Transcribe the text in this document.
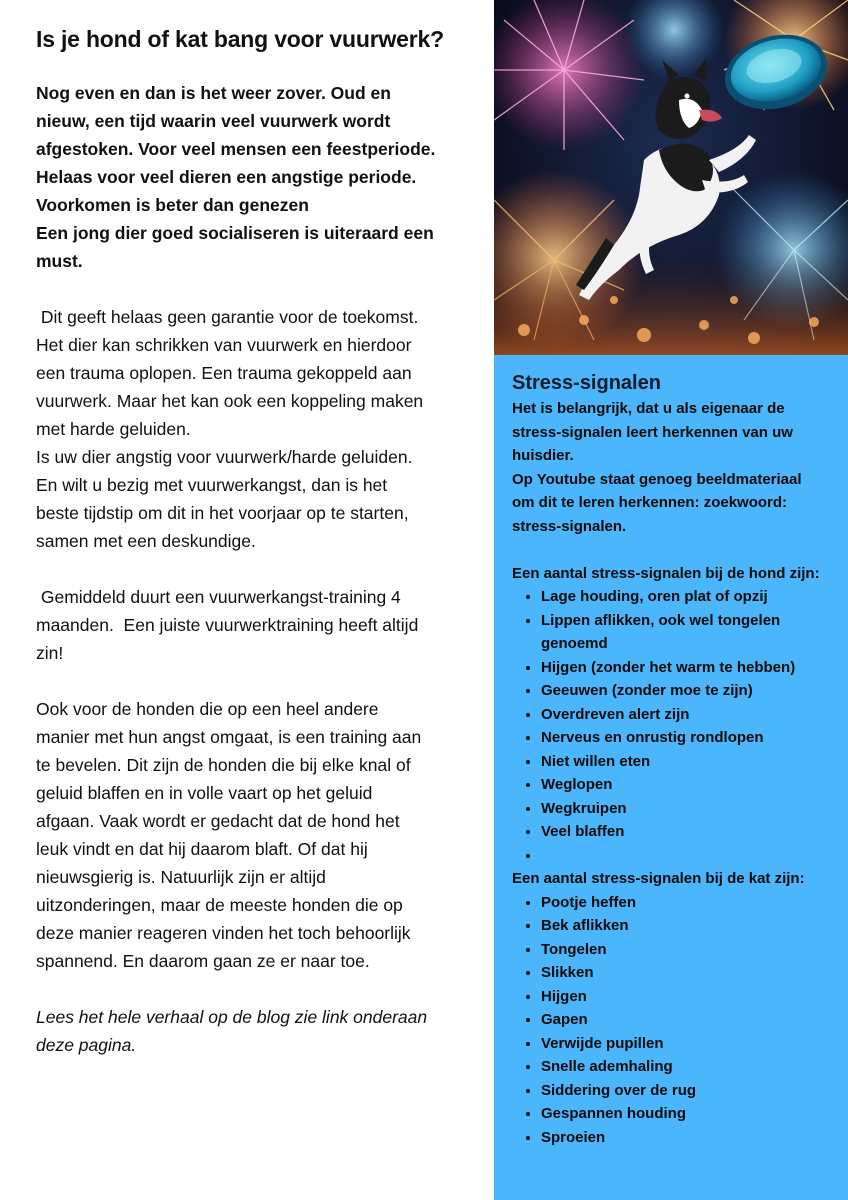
Is je hond of kat bang voor vuurwerk?
Nog even en dan is het weer zover. Oud en
nieuw, een tijd waarin veel vuurwerk wordt
afgestoken. Voor veel mensen een feestperiode.
Helaas voor veel dieren een angstige periode.
Voorkomen is beter dan genezen
Een jong dier goed socialiseren is uiteraard een
must.
Dit geeft helaas geen garantie voor de toekomst.
Het dier kan schrikken van vuurwerk en hierdoor
een trauma oplopen. Een trauma gekoppeld aan
vuurwerk. Maar het kan ook een koppeling maken
met harde geluiden.
Is uw dier angstig voor vuurwerk/harde geluiden.
En wilt u bezig met vuurwerkangst, dan is het
beste tijdstip om dit in het voorjaar op te starten,
samen met een deskundige.
Gemiddeld duurt een vuurwerkangst-training 4
maanden.  Een juiste vuurwerktraining heeft altijd
zin!
Ook voor de honden die op een heel andere
manier met hun angst omgaat, is een training aan
te bevelen. Dit zijn de honden die bij elke knal of
geluid blaffen en in volle vaart op het geluid
afgaan. Vaak wordt er gedacht dat de hond het
leuk vindt en dat hij daarom blaft. Of dat hij
nieuwsgierig is. Natuurlijk zijn er altijd
uitzonderingen, maar de meeste honden die op
deze manier reageren vinden het toch behoorlijk
spannend. En daarom gaan ze er naar toe.
Lees het hele verhaal op de blog zie link onderaan
deze pagina.
Stress-signalen

Het is belangrijk, dat u als eigenaar de

stress-signalen leert herkennen van uw

huisdier.

Op Youtube staat genoeg beeldmateriaal

om dit te leren herkennen: zoekwoord:

stress-signalen.

Een aantal stress-signalen bij de hond zijn:

• Lage houding, oren plat of opzij
• Lippen aflikken, ook wel tongelen genoemd
• Hijgen (zonder het warm te hebben)
• Geeuwen (zonder moe te zijn)
• Overdreven alert zijn
• Nerveus en onrustig rondlopen
• Niet willen eten
• Weglopen
• Wegkruipen
• Veel blaffen
•

Een aantal stress-signalen bij de kat zijn:

• Pootje heffen
• Bek aflikken
• Tongelen
• Slikken
• Hijgen
• Gapen
• Verwijde pupillen
• Snelle ademhaling
• Siddering over de rug
• Gespannen houding
• Sproeien
